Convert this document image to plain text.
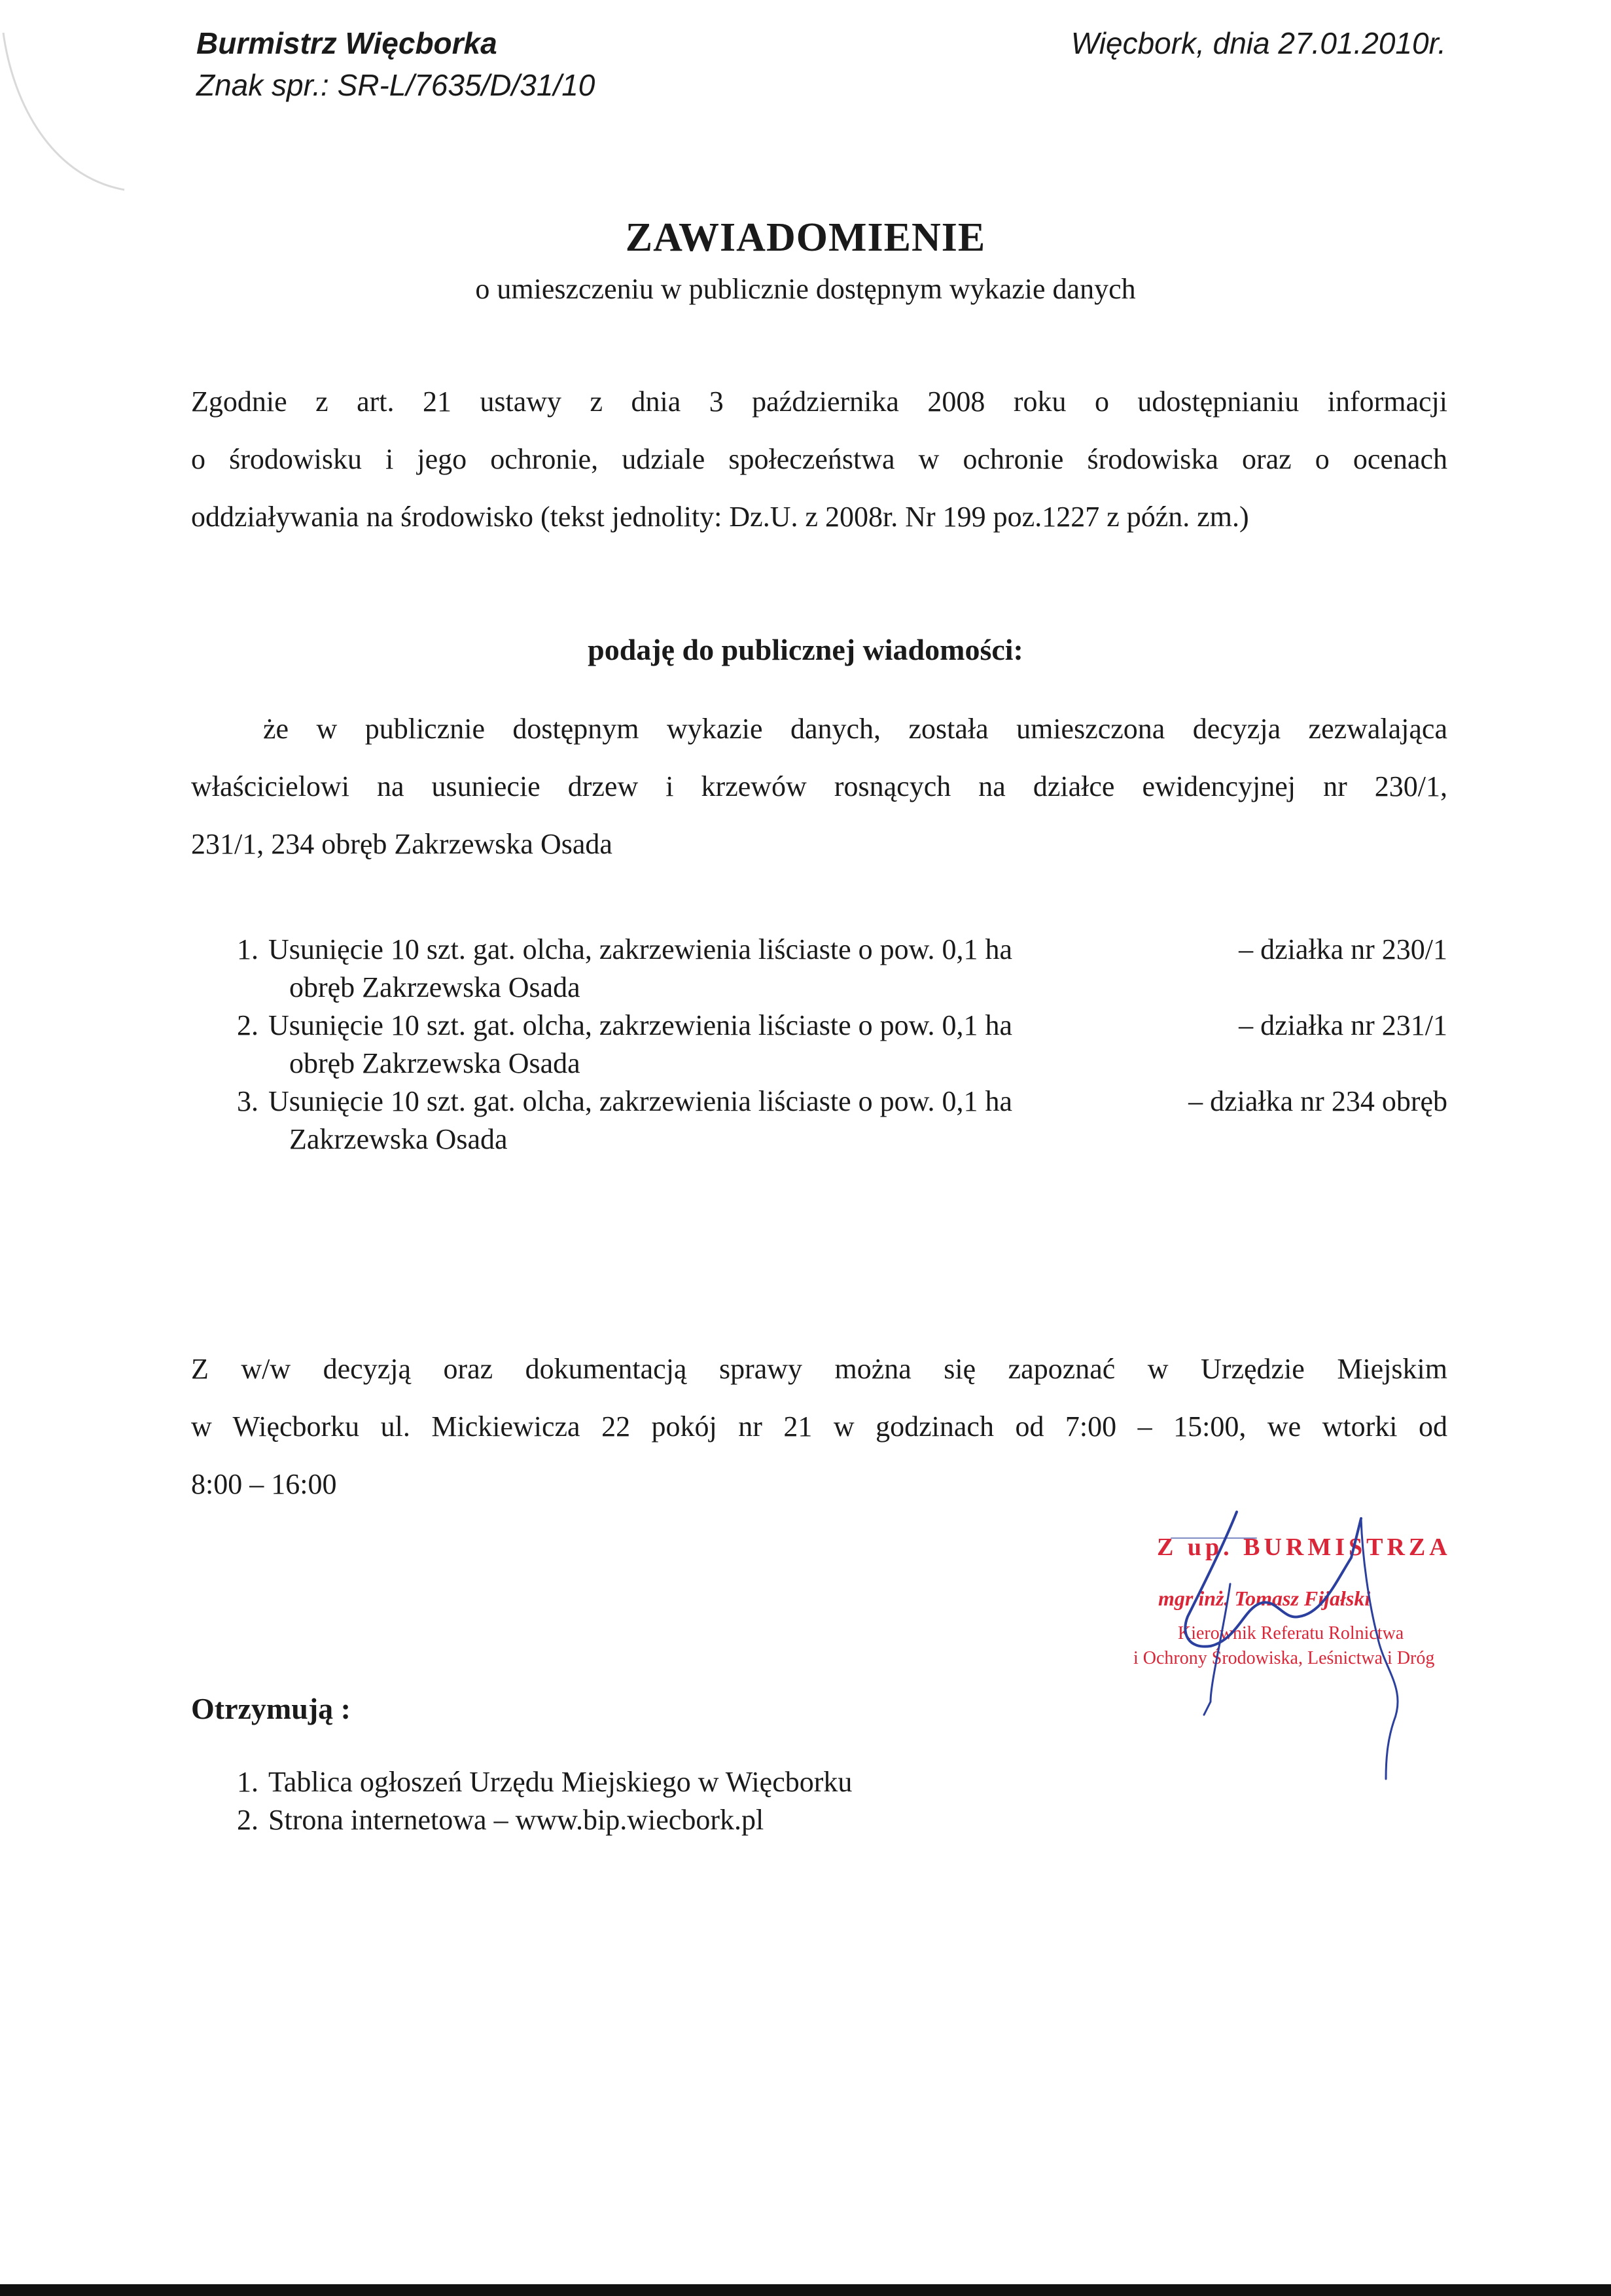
Burmistrz Więcborka
Znak spr.: SR-L/7635/D/31/10
Więcbork, dnia 27.01.2010r.
ZAWIADOMIENIE
o umieszczeniu w publicznie dostępnym wykazie danych
Zgodnie z art. 21 ustawy z dnia 3 października 2008 roku o udostępnianiu informacji
o środowisku i jego ochronie, udziale społeczeństwa w ochronie środowiska oraz o ocenach
oddziaływania na środowisko (tekst jednolity: Dz.U. z 2008r. Nr 199 poz.1227 z późn. zm.)
podaję do publicznej wiadomości:
że w publicznie dostępnym wykazie danych, została umieszczona decyzja zezwalająca
właścicielowi na usuniecie drzew i krzewów rosnących na działce ewidencyjnej nr 230/1,
231/1, 234 obręb Zakrzewska Osada
1. Usunięcie 10 szt. gat. olcha, zakrzewienia liściaste o pow. 0,1 ha	– działka nr 230/1
obręb Zakrzewska Osada
2. Usunięcie 10 szt. gat. olcha, zakrzewienia liściaste o pow. 0,1 ha	– działka nr 231/1
obręb Zakrzewska Osada
3. Usunięcie 10 szt. gat. olcha, zakrzewienia liściaste o pow. 0,1 ha	– działka nr 234 obręb
Zakrzewska Osada
Z w/w decyzją oraz dokumentacją sprawy można się zapoznać w Urzędzie Miejskim
w Więcborku ul. Mickiewicza 22 pokój nr 21 w godzinach od 7:00 – 15:00, we wtorki od
8:00 – 16:00
Z up. BURMISTRZA
mgr inż. Tomasz Fijałski
Kierownik Referatu Rolnictwa
i Ochrony Środowiska, Leśnictwa i Dróg
Otrzymują :
1. Tablica ogłoszeń Urzędu Miejskiego w Więcborku
2. Strona internetowa – www.bip.wiecbork.pl
